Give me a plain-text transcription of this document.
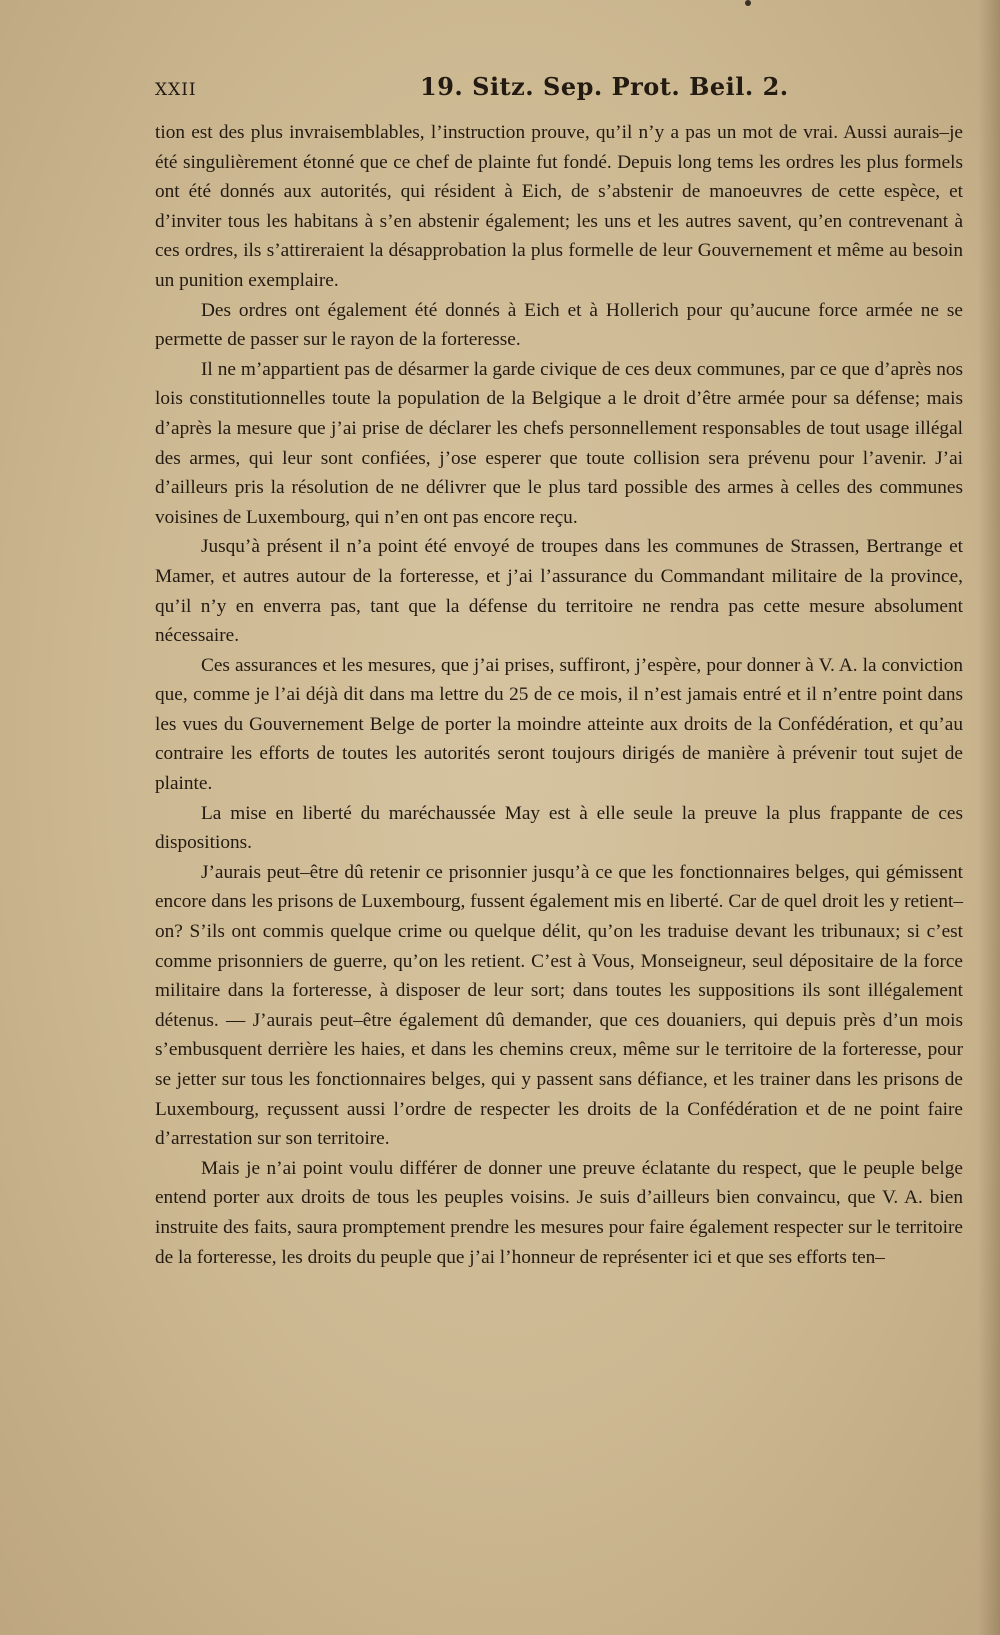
XXII	19. Sitz. Sep. Prot. Beil. 2.

tion est des plus invraisemblables, l’instruction prouve, qu’il n’y a pas un mot de vrai. Aussi aurais–je été singulièrement étonné que ce chef de plainte fut fondé. Depuis long tems les ordres les plus formels ont été donnés aux autorités, qui résident à Eich, de s’abstenir de manoeuvres de cette espèce, et d’inviter tous les habitans à s’en abstenir également; les uns et les autres savent, qu’en contrevenant à ces ordres, ils s’attireraient la désapprobation la plus formelle de leur Gouvernement et même au besoin un punition exemplaire.

Des ordres ont également été donnés à Eich et à Hollerich pour qu’aucune force armée ne se permette de passer sur le rayon de la forteresse.

Il ne m’appartient pas de désarmer la garde civique de ces deux communes, par ce que d’après nos lois constitutionnelles toute la population de la Belgique a le droit d’être armée pour sa défense; mais d’après la mesure que j’ai prise de déclarer les chefs personnellement responsables de tout usage illégal des armes, qui leur sont confiées, j’ose esperer que toute collision sera prévenu pour l’avenir. J’ai d’ailleurs pris la résolution de ne délivrer que le plus tard possible des armes à celles des communes voisines de Luxembourg, qui n’en ont pas encore reçu.

Jusqu’à présent il n’a point été envoyé de troupes dans les communes de Strassen, Bertrange et Mamer, et autres autour de la forteresse, et j’ai l’assurance du Commandant militaire de la province, qu’il n’y en enverra pas, tant que la défense du territoire ne rendra pas cette mesure absolument nécessaire.

Ces assurances et les mesures, que j’ai prises, suffiront, j’espère, pour donner à V. A. la conviction que, comme je l’ai déjà dit dans ma lettre du 25 de ce mois, il n’est jamais entré et il n’entre point dans les vues du Gouvernement Belge de porter la moindre atteinte aux droits de la Confédération, et qu’au contraire les efforts de toutes les autorités seront toujours dirigés de manière à prévenir tout sujet de plainte.

La mise en liberté du maréchaussée May est à elle seule la preuve la plus frappante de ces dispositions.

J’aurais peut–être dû retenir ce prisonnier jusqu’à ce que les fonctionnaires belges, qui gémissent encore dans les prisons de Luxembourg, fussent également mis en liberté. Car de quel droit les y retient–on? S’ils ont commis quelque crime ou quelque délit, qu’on les traduise devant les tribunaux; si c’est comme prisonniers de guerre, qu’on les retient. C’est à Vous, Monseigneur, seul dépositaire de la force militaire dans la forteresse, à disposer de leur sort; dans toutes les suppositions ils sont illégalement détenus. — J’aurais peut–être également dû demander, que ces douaniers, qui depuis près d’un mois s’embusquent derrière les haies, et dans les chemins creux, même sur le territoire de la forteresse, pour se jetter sur tous les fonctionnaires belges, qui y passent sans défiance, et les trainer dans les prisons de Luxembourg, reçussent aussi l’ordre de respecter les droits de la Confédération et de ne point faire d’arrestation sur son territoire.

Mais je n’ai point voulu différer de donner une preuve éclatante du respect, que le peuple belge entend porter aux droits de tous les peuples voisins. Je suis d’ailleurs bien convaincu, que V. A. bien instruite des faits, saura promptement prendre les mesures pour faire également respecter sur le territoire de la forteresse, les droits du peuple que j’ai l’honneur de représenter ici et que ses efforts ten–
